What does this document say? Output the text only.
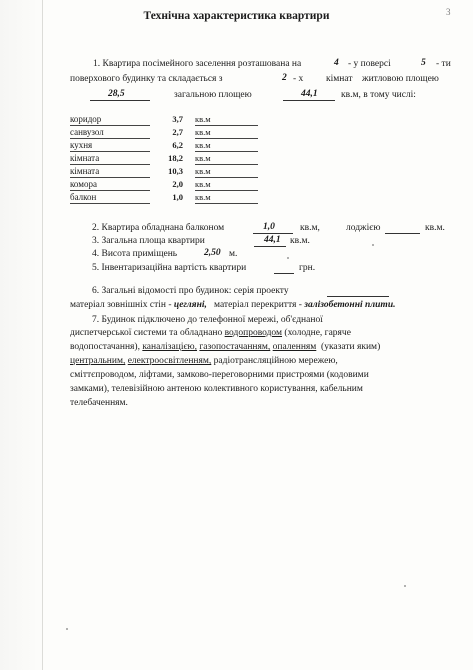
3
Технічна характеристика квартири
1. Квартира посімейного заселення розташована на	4 - у поверсі	5 - ти
поверхового будинку та складається з	2 - х кімнат житловою площею
28,5	загальною площею	44,1 кв.м, в тому числі:
коридор	3,7 кв.м
санвузол	2,7 кв.м
кухня	6,2 кв.м
кімната	18,2 кв.м
кімната	10,3 кв.м
комора	2,0 кв.м
балкон	1,0 кв.м
2. Квартира обладнана балконом	1,0	кв.м,	лоджією	кв.м.
3. Загальна площа квартири	44,1 кв.м.
4. Висота приміщень	2,50 м.
5. Інвентаризаційна вартість квартири	грн.
6. Загальні відомості про будинок: серія проекту
матеріал зовнішніх стін - цегляні, матеріал перекриття - залізобетонні плити.
7. Будинок підключено до телефонної мережі, об'єднаної
диспетчерської системи та обладнано водопроводом (холодне, гаряче
водопостачання), каналізацією, газопостачанням, опаленням (указати яким)
центральним, електроосвітленням, радіотрансляційною мережею,
сміттєпроводом, ліфтами, замково-переговорними пристроями (кодовими
замками), телевізійною антеною колективного користування, кабельним
телебаченням.
